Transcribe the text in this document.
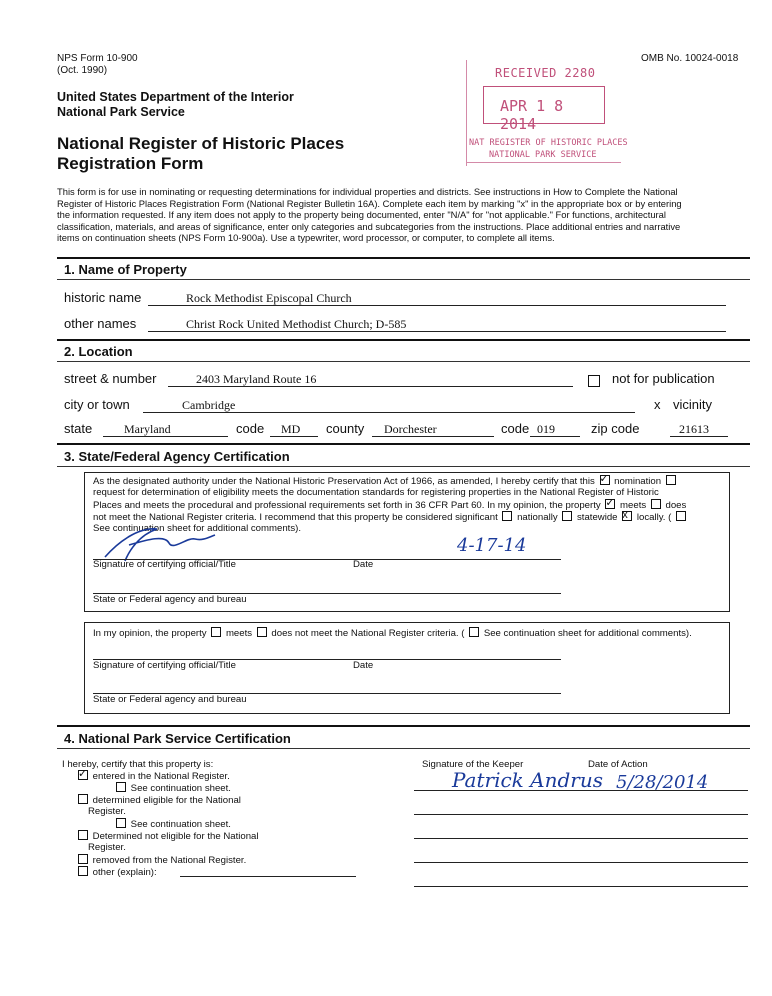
NPS Form 10-900
(Oct. 1990)
OMB No. 10024-0018
United States Department of the Interior
National Park Service
National Register of Historic Places
Registration Form
RECEIVED 2280
APR 1 8 2014
NAT REGISTER OF HISTORIC PLACES
NATIONAL PARK SERVICE
This form is for use in nominating or requesting determinations for individual properties and districts. See instructions in How to Complete the National
Register of Historic Places Registration Form (National Register Bulletin 16A). Complete each item by marking "x" in the appropriate box or by entering
the information requested. If any item does not apply to the property being documented, enter "N/A" for "not applicable." For functions, architectural
classification, materials, and areas of significance, enter only categories and subcategories from the instructions. Place additional entries and narrative
items on continuation sheets (NPS Form 10-900a). Use a typewriter, word processor, or computer, to complete all items.
1. Name of Property
historic name	Rock Methodist Episcopal Church
other names	Christ Rock United Methodist Church; D-585
2. Location
street & number	2403 Maryland Route 16	not for publication
city or town	Cambridge	x vicinity
state	Maryland	code MD county Dorchester	code 019	zip code	21613
3. State/Federal Agency Certification
As the designated authority under the National Historic Preservation Act of 1966, as amended, I hereby certify that this ✓ nomination
request for determination of eligibility meets the documentation standards for registering properties in the National Register of Historic
Places and meets the procedural and professional requirements set forth in 36 CFR Part 60. In my opinion, the property ✓ meets does
not meet the National Register criteria. I recommend that this property be considered significant nationally statewide x locally. (
See continuation sheet for additional comments).
4-17-14
Signature of certifying official/Title	Date
State or Federal agency and bureau
In my opinion, the property meets does not meet the National Register criteria. ( See continuation sheet for additional comments).
Signature of certifying official/Title	Date
State or Federal agency and bureau
4. National Park Service Certification
I hereby, certify that this property is:
✓ entered in the National Register.
See continuation sheet.
determined eligible for the National
Register.
See continuation sheet.
Determined not eligible for the National
Register.
removed from the National Register.
other (explain):
Signature of the Keeper	Date of Action
Patrick Andrus 5/28/2014
